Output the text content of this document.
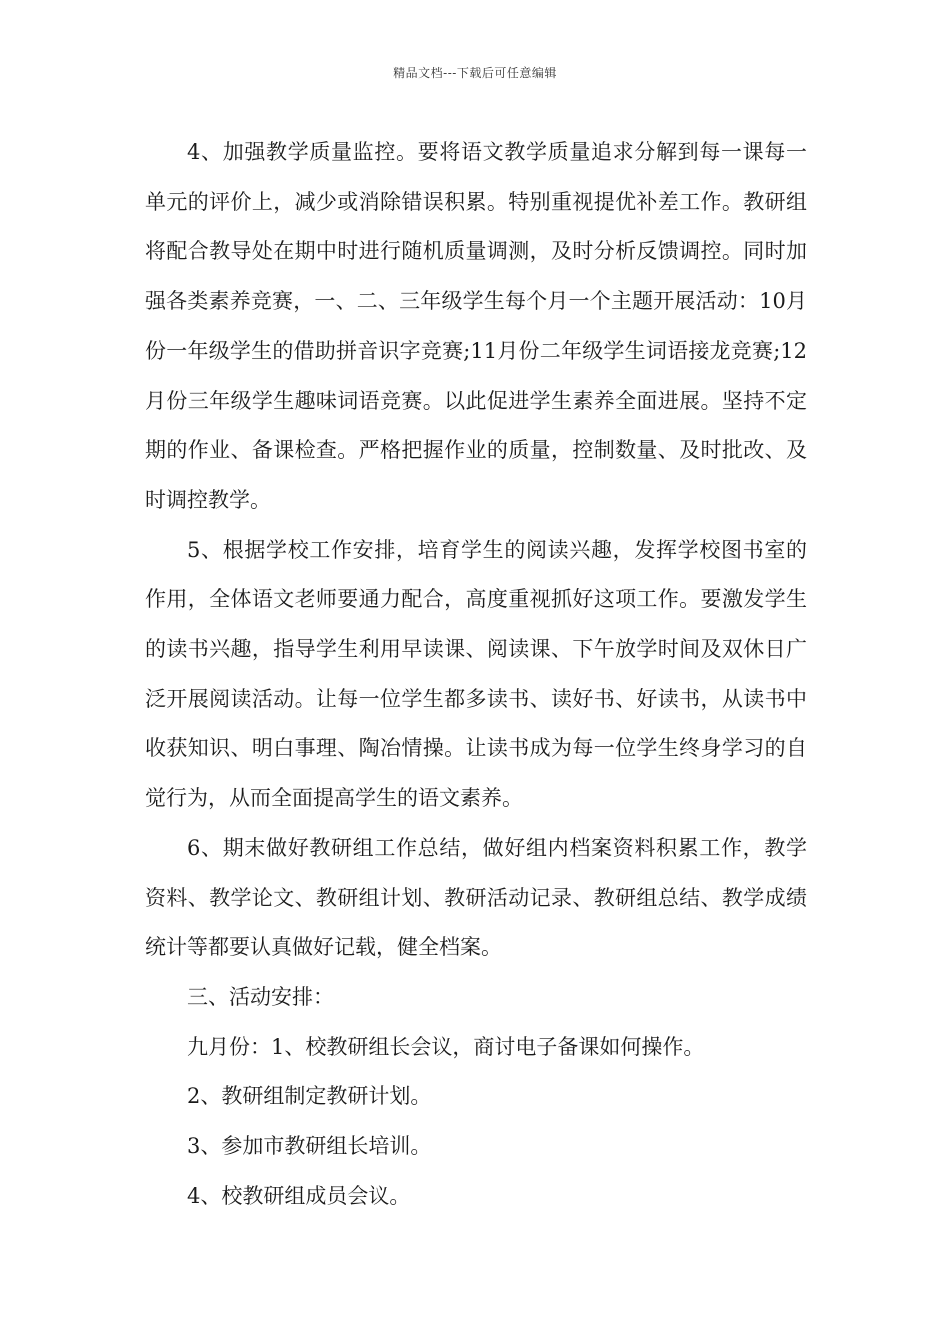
精品文档---下载后可任意编辑

4、加强教学质量监控。要将语文教学质量追求分解到每一课每一单元的评价上，减少或消除错误积累。特别重视提优补差工作。教研组将配合教导处在期中时进行随机质量调测，及时分析反馈调控。同时加强各类素养竞赛，一、二、三年级学生每个月一个主题开展活动：10月份一年级学生的借助拼音识字竞赛;11月份二年级学生词语接龙竞赛;12月份三年级学生趣味词语竞赛。以此促进学生素养全面进展。坚持不定期的作业、备课检查。严格把握作业的质量，控制数量、及时批改、及时调控教学。

5、根据学校工作安排，培育学生的阅读兴趣，发挥学校图书室的作用，全体语文老师要通力配合，高度重视抓好这项工作。要激发学生的读书兴趣，指导学生利用早读课、阅读课、下午放学时间及双休日广泛开展阅读活动。让每一位学生都多读书、读好书、好读书，从读书中收获知识、明白事理、陶冶情操。让读书成为每一位学生终身学习的自觉行为，从而全面提高学生的语文素养。

6、期末做好教研组工作总结，做好组内档案资料积累工作，教学资料、教学论文、教研组计划、教研活动记录、教研组总结、教学成绩统计等都要认真做好记载，健全档案。

三、活动安排：

九月份：1、校教研组长会议，商讨电子备课如何操作。

2、教研组制定教研计划。

3、参加市教研组长培训。

4、校教研组成员会议。
